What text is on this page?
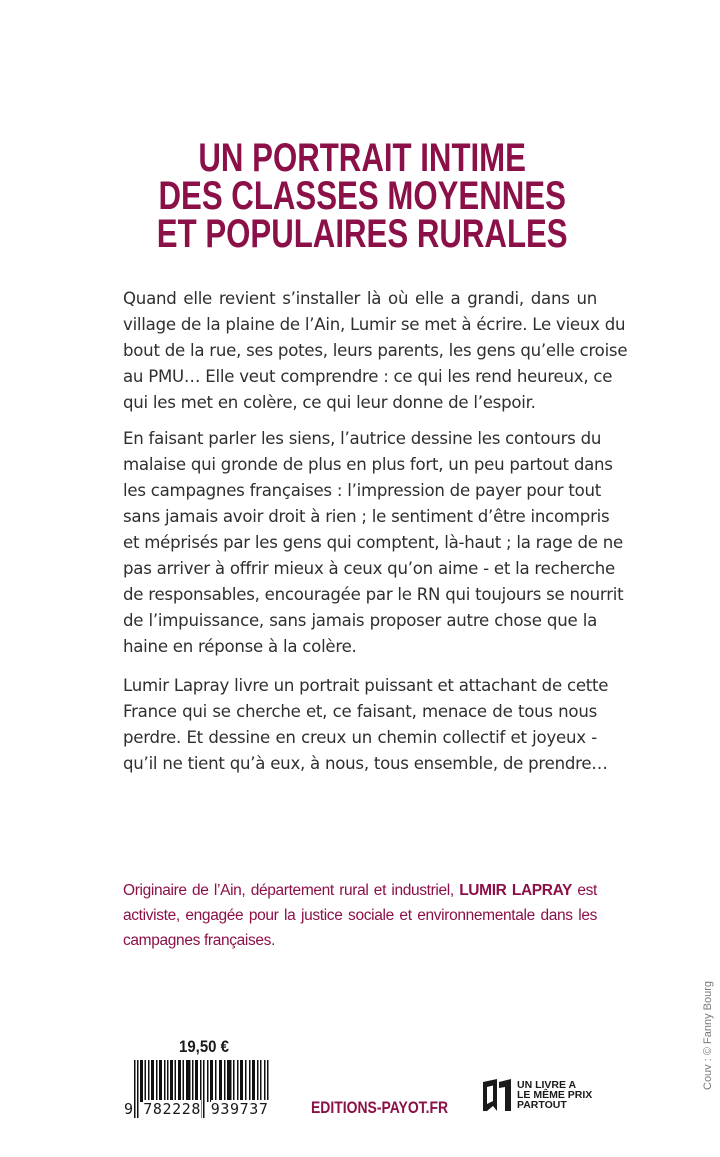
UN PORTRAIT INTIME
DES CLASSES MOYENNES
ET POPULAIRES RURALES
Quand elle revient s’installer là où elle a grandi, dans un
village de la plaine de l’Ain, Lumir se met à écrire. Le vieux du
bout de la rue, ses potes, leurs parents, les gens qu’elle croise
au PMU… Elle veut comprendre : ce qui les rend heureux, ce
qui les met en colère, ce qui leur donne de l’espoir.
En faisant parler les siens, l’autrice dessine les contours du
malaise qui gronde de plus en plus fort, un peu partout dans
les campagnes françaises : l’impression de payer pour tout
sans jamais avoir droit à rien ; le sentiment d’être incompris
et méprisés par les gens qui comptent, là-haut ; la rage de ne
pas arriver à offrir mieux à ceux qu’on aime - et la recherche
de responsables, encouragée par le RN qui toujours se nourrit
de l’impuissance, sans jamais proposer autre chose que la
haine en réponse à la colère.
Lumir Lapray livre un portrait puissant et attachant de cette
France qui se cherche et, ce faisant, menace de tous nous
perdre. Et dessine en creux un chemin collectif et joyeux -
qu’il ne tient qu’à eux, à nous, tous ensemble, de prendre…
Originaire de l’Ain, département rural et industriel, LUMIR LAPRAY est
activiste, engagée pour la justice sociale et environnementale dans les
campagnes françaises.
19,50 €
9 782228 939737	EDITIONS-PAYOT.FR
UN LIVRE A
LE MÊME PRIX
PARTOUT
Couv : © Fanny Bourg
